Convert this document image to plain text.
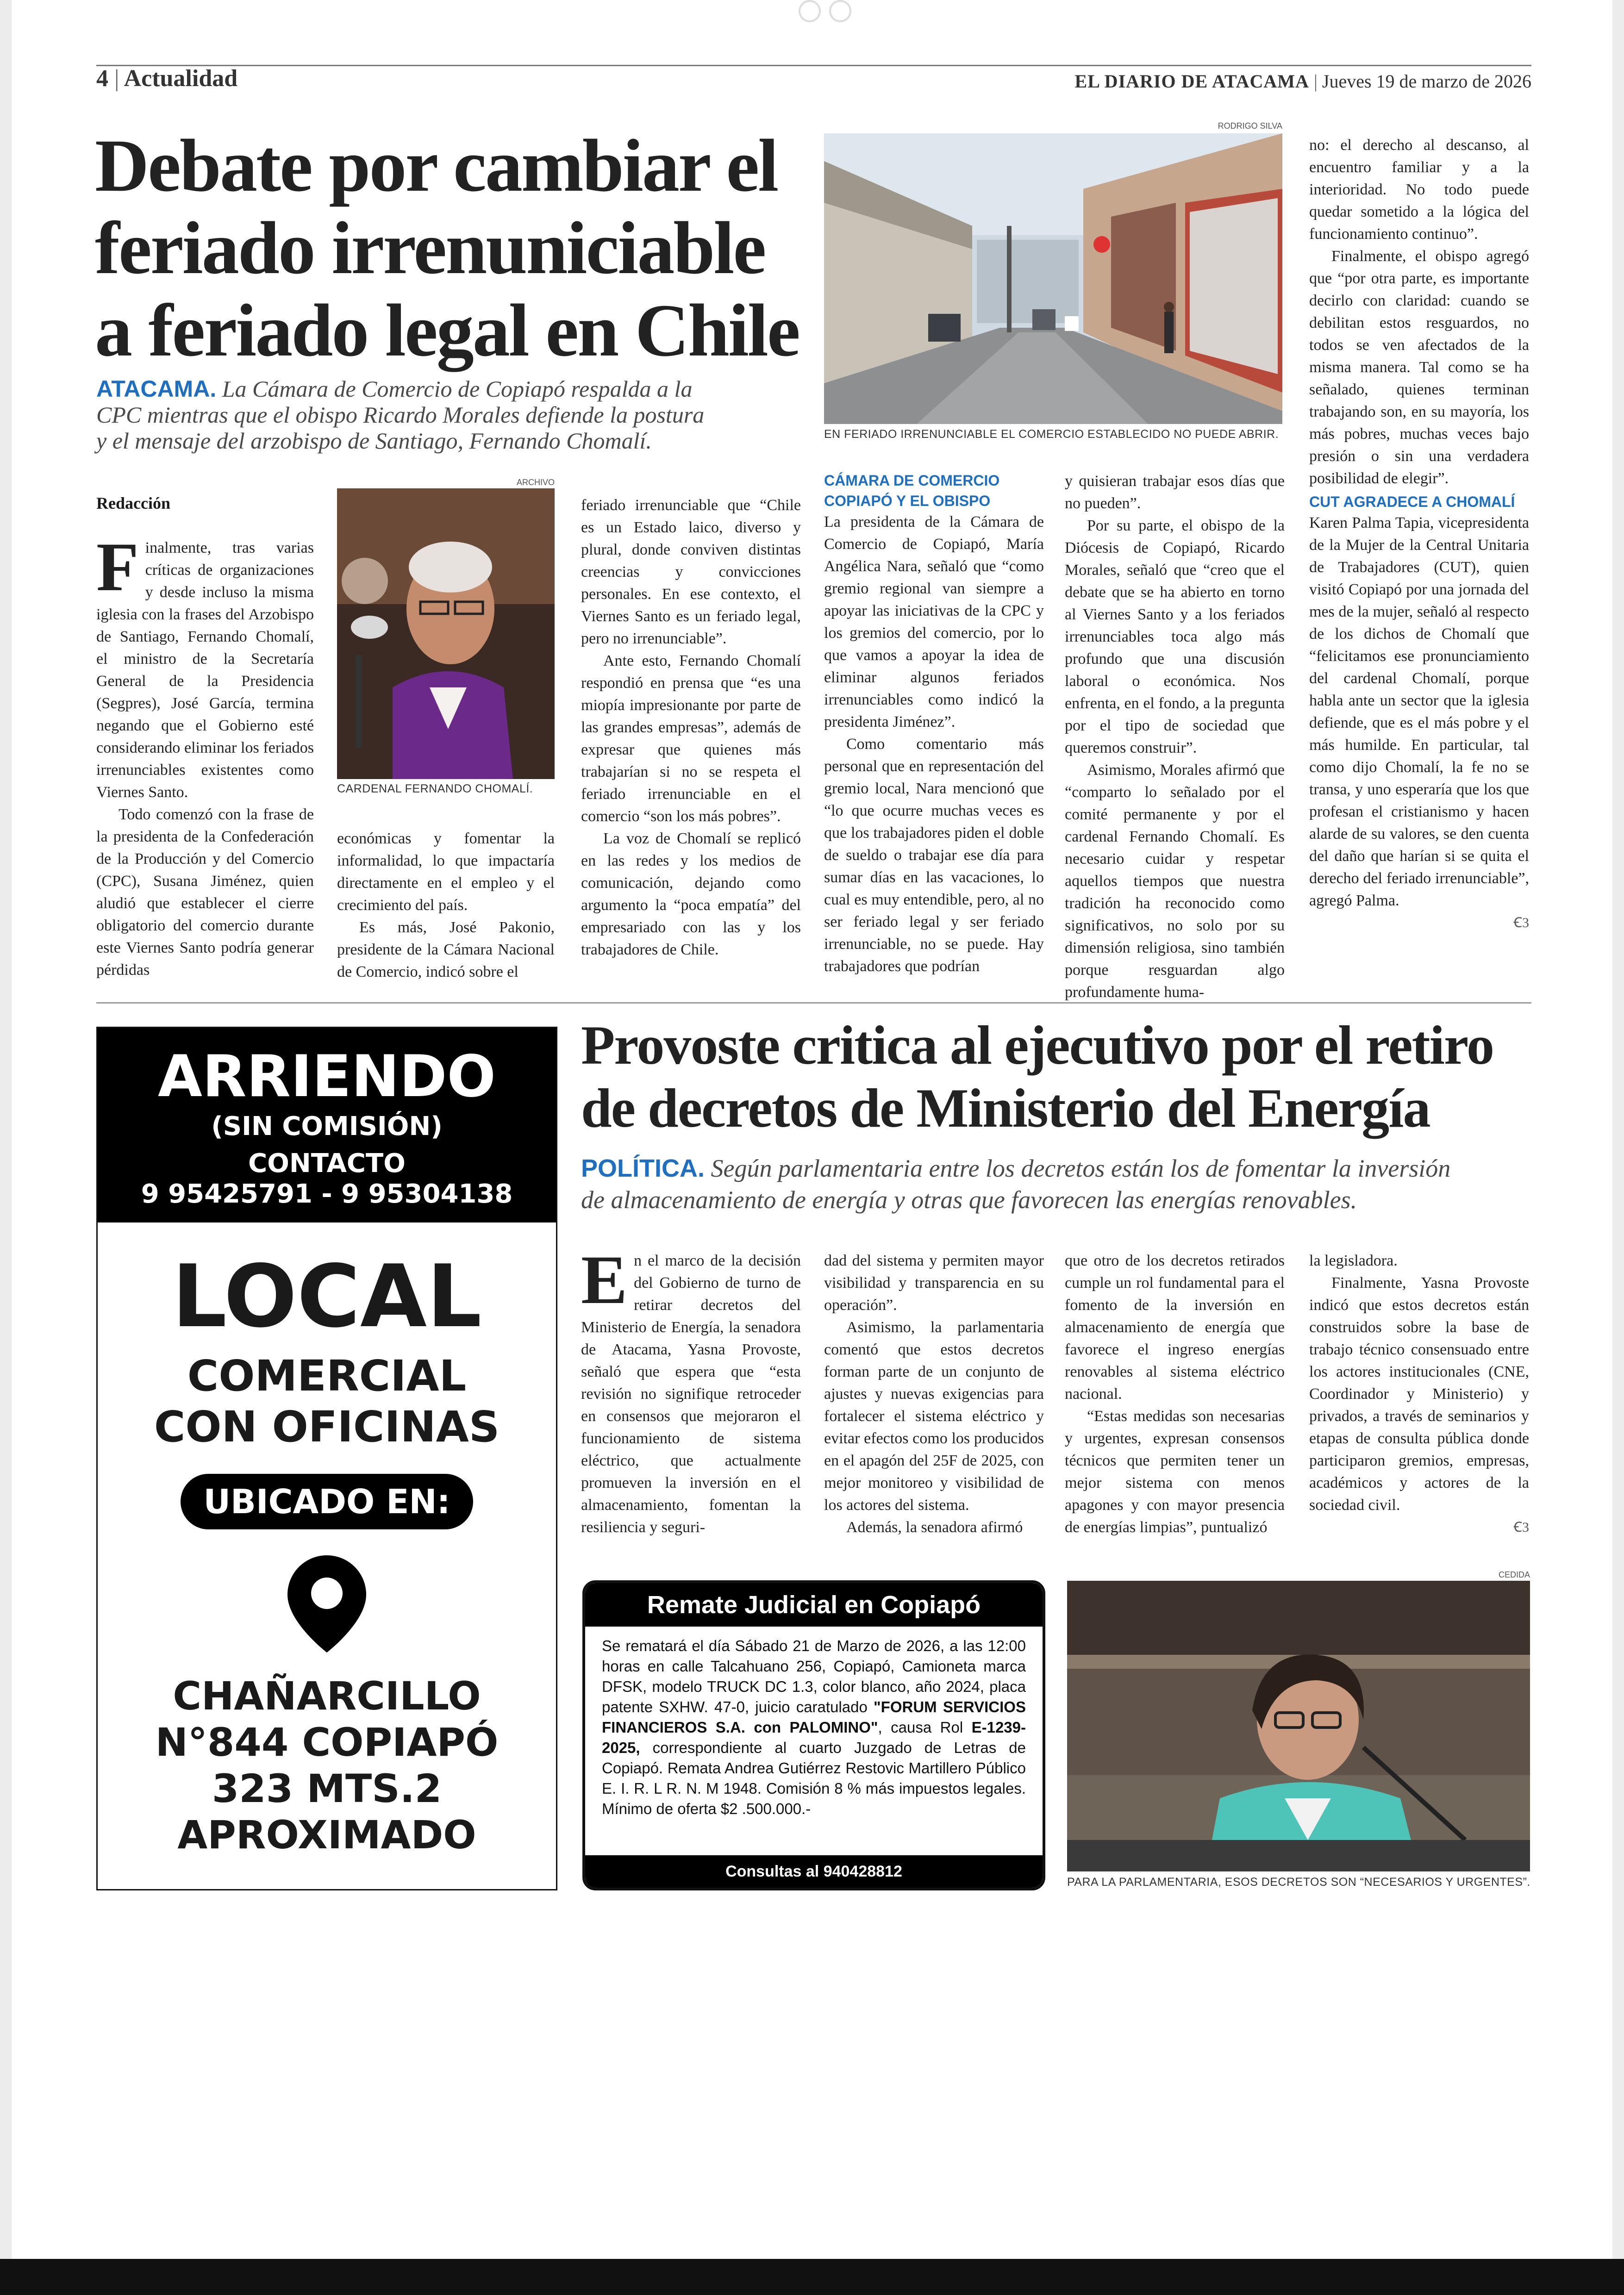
4 | Actualidad	EL DIARIO DE ATACAMA | Jueves 19 de marzo de 2026
Debate por cambiar el
feriado irrenuniciable
a feriado legal en Chile
ATACAMA. La Cámara de Comercio de Copiapó respalda a la
CPC mientras que el obispo Ricardo Morales defiende la postura
y el mensaje del arzobispo de Santiago, Fernando Chomalí.
RODRIGO SILVA
EN FERIADO IRRENUNCIABLE EL COMERCIO ESTABLECIDO NO PUEDE ABRIR.
ARCHIVO
CARDENAL FERNANDO CHOMALÍ.
Redacción

Finalmente, tras varias críticas de organizaciones y desde incluso la misma iglesia con la frases del Arzobispo de Santiago, Fernando Chomalí, el ministro de la Secretaría General de la Presidencia (Segpres), José García, termina negando que el Gobierno esté considerando eliminar los feriados irrenunciables existentes como Viernes Santo.

Todo comenzó con la frase de la presidenta de la Confederación de la Producción y del Comercio (CPC), Susana Jiménez, quien aludió que establecer el cierre obligatorio del comercio durante este Viernes Santo podría generar pérdidas

económicas y fomentar la informalidad, lo que impactaría directamente en el empleo y el crecimiento del país.

Es más, José Pakonio, presidente de la Cámara Nacional de Comercio, indicó sobre el

feriado irrenunciable que “Chile es un Estado laico, diverso y plural, donde conviven distintas creencias y convicciones personales. En ese contexto, el Viernes Santo es un feriado legal, pero no irrenunciable”.

Ante esto, Fernando Chomalí respondió en prensa que “es una miopía impresionante por parte de las grandes empresas”, además de expresar que quienes más trabajarían si no se respeta el feriado irrenunciable en el comercio “son los más pobres”.

La voz de Chomalí se replicó en las redes y los medios de comunicación, dejando como argumento la “poca empatía” del empresariado con las y los trabajadores de Chile.

CÁMARA DE COMERCIO
COPIAPÓ Y EL OBISPO

La presidenta de la Cámara de Comercio de Copiapó, María Angélica Nara, señaló que “como gremio regional van siempre a apoyar las iniciativas de la CPC y los gremios del comercio, por lo que vamos a apoyar la idea de eliminar algunos feriados irrenunciables como indicó la presidenta Jiménez”.

Como comentario más personal que en representación del gremio local, Nara mencionó que “lo que ocurre muchas veces es que los trabajadores piden el doble de sueldo o trabajar ese día para sumar días en las vacaciones, lo cual es muy entendible, pero, al no ser feriado legal y ser feriado irrenunciable, no se puede. Hay trabajadores que podrían

y quisieran trabajar esos días que no pueden”.

Por su parte, el obispo de la Diócesis de Copiapó, Ricardo Morales, señaló que “creo que el debate que se ha abierto en torno al Viernes Santo y a los feriados irrenunciables toca algo más profundo que una discusión laboral o económica. Nos enfrenta, en el fondo, a la pregunta por el tipo de sociedad que queremos construir”.

Asimismo, Morales afirmó que “comparto lo señalado por el comité permanente y por el cardenal Fernando Chomalí. Es necesario cuidar y respetar aquellos tiempos que nuestra tradición ha reconocido como significativos, no solo por su dimensión religiosa, sino también porque resguardan algo profundamente huma-

no: el derecho al descanso, al encuentro familiar y a la interioridad. No todo puede quedar sometido a la lógica del funcionamiento continuo”.

Finalmente, el obispo agregó que “por otra parte, es importante decirlo con claridad: cuando se debilitan estos resguardos, no todos se ven afectados de la misma manera. Tal como se ha señalado, quienes terminan trabajando son, en su mayoría, los más pobres, muchas veces bajo presión o sin una verdadera posibilidad de elegir”.

CUT AGRADECE A CHOMALÍ

Karen Palma Tapia, vicepresidenta de la Mujer de la Central Unitaria de Trabajadores (CUT), quien visitó Copiapó por una jornada del mes de la mujer, señaló al respecto de los dichos de Chomalí que “felicitamos ese pronunciamiento del cardenal Chomalí, porque habla ante un sector que la iglesia defiende, que es el más pobre y el más humilde. En particular, tal como dijo Chomalí, la fe no se transa, y uno esperaría que los que profesan el cristianismo y hacen alarde de su valores, se den cuenta del daño que harían si se quita el derecho del feriado irrenunciable”, agregó Palma.

Ꞓ3
ARRIENDO
(SIN COMISIÓN)
CONTACTO
9 95425791 - 9 95304138
LOCAL
COMERCIAL
CON OFICINAS
UBICADO EN:
CHAÑARCILLO
N°844 COPIAPÓ
323 MTS.2
APROXIMADO
Provoste critica al ejecutivo por el retiro
de decretos de Ministerio del Energía
POLÍTICA. Según parlamentaria entre los decretos están los de fomentar la inversión
de almacenamiento de energía y otras que favorecen las energías renovables.

En el marco de la decisión del Gobierno de turno de retirar decretos del Ministerio de Energía, la senadora de Atacama, Yasna Provoste, señaló que espera que “esta revisión no signifique retroceder en consensos que mejoraron el funcionamiento de sistema eléctrico, que actualmente promueven la inversión en el almacenamiento, fomentan la resiliencia y seguri-

dad del sistema y permiten mayor visibilidad y transparencia en su operación”.

Asimismo, la parlamentaria comentó que estos decretos forman parte de un conjunto de ajustes y nuevas exigencias para fortalecer el sistema eléctrico y evitar efectos como los producidos en el apagón del 25F de 2025, con mejor monitoreo y visibilidad de los actores del sistema.

Además, la senadora afirmó

que otro de los decretos retirados cumple un rol fundamental para el fomento de la inversión en almacenamiento de energía que favorece el ingreso energías renovables al sistema eléctrico nacional.

“Estas medidas son necesarias y urgentes, expresan consensos técnicos que permiten tener un mejor sistema con menos apagones y con mayor presencia de energías limpias”, puntualizó

la legisladora.

Finalmente, Yasna Provoste indicó que estos decretos están construidos sobre la base de trabajo técnico consensuado entre los actores institucionales (CNE, Coordinador y Ministerio) y privados, a través de seminarios y etapas de consulta pública donde participaron gremios, empresas, académicos y actores de la sociedad civil.

Ꞓ3
Remate Judicial en Copiapó
Se rematará el día Sábado 21 de Marzo de 2026, a las 12:00 horas en calle Talcahuano 256, Copiapó, Camioneta marca DFSK, modelo TRUCK DC 1.3, color blanco, año 2024, placa patente SXHW. 47-0, juicio caratulado "FORUM SERVICIOS FINANCIEROS S.A. con PALOMINO", causa Rol E-1239-2025, correspondiente al cuarto Juzgado de Letras de Copiapó. Remata Andrea Gutiérrez Restovic Martillero Público E. I. R. L R. N. M 1948. Comisión 8 % más impuestos legales. Mínimo de oferta $2 .500.000.-
Consultas al 940428812
CEDIDA
PARA LA PARLAMENTARIA, ESOS DECRETOS SON “NECESARIOS Y URGENTES”.
